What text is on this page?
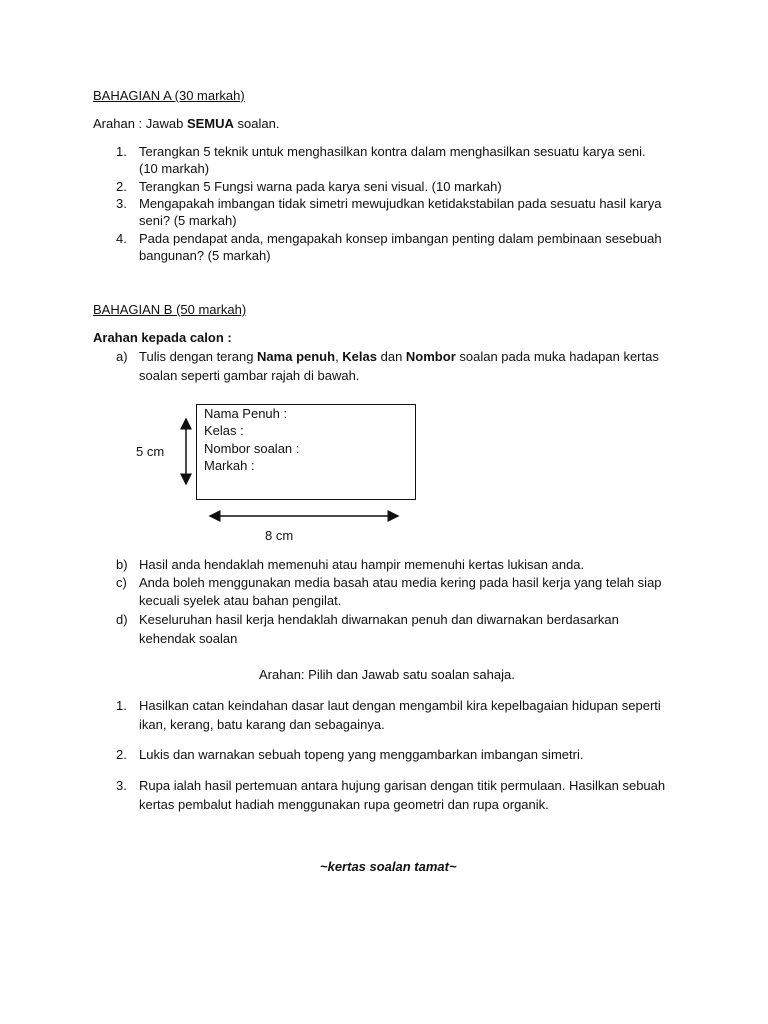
BAHAGIAN A (30 markah)
Arahan : Jawab SEMUA soalan.
1. Terangkan 5 teknik untuk menghasilkan kontra dalam menghasilkan sesuatu karya seni.
(10 markah)
2. Terangkan 5 Fungsi warna pada karya seni visual. (10 markah)
3. Mengapakah imbangan tidak simetri mewujudkan ketidakstabilan pada sesuatu hasil karya
seni? (5 markah)
4. Pada pendapat anda, mengapakah konsep imbangan penting dalam pembinaan sesebuah
bangunan? (5 markah)
BAHAGIAN B (50 markah)
Arahan kepada calon :
a) Tulis dengan terang Nama penuh, Kelas dan Nombor soalan pada muka hadapan kertas
soalan seperti gambar rajah di bawah.
Nama Penuh :
Kelas :
Nombor soalan :
Markah :
5 cm
8 cm
b) Hasil anda hendaklah memenuhi atau hampir memenuhi kertas lukisan anda.
c) Anda boleh menggunakan media basah atau media kering pada hasil kerja yang telah siap
kecuali syelek atau bahan pengilat.
d) Keseluruhan hasil kerja hendaklah diwarnakan penuh dan diwarnakan berdasarkan
kehendak soalan
Arahan: Pilih dan Jawab satu soalan sahaja.
1. Hasilkan catan keindahan dasar laut dengan mengambil kira kepelbagaian hidupan seperti
ikan, kerang, batu karang dan sebagainya.
2. Lukis dan warnakan sebuah topeng yang menggambarkan imbangan simetri.
3. Rupa ialah hasil pertemuan antara hujung garisan dengan titik permulaan. Hasilkan sebuah
kertas pembalut hadiah menggunakan rupa geometri dan rupa organik.
~kertas soalan tamat~
